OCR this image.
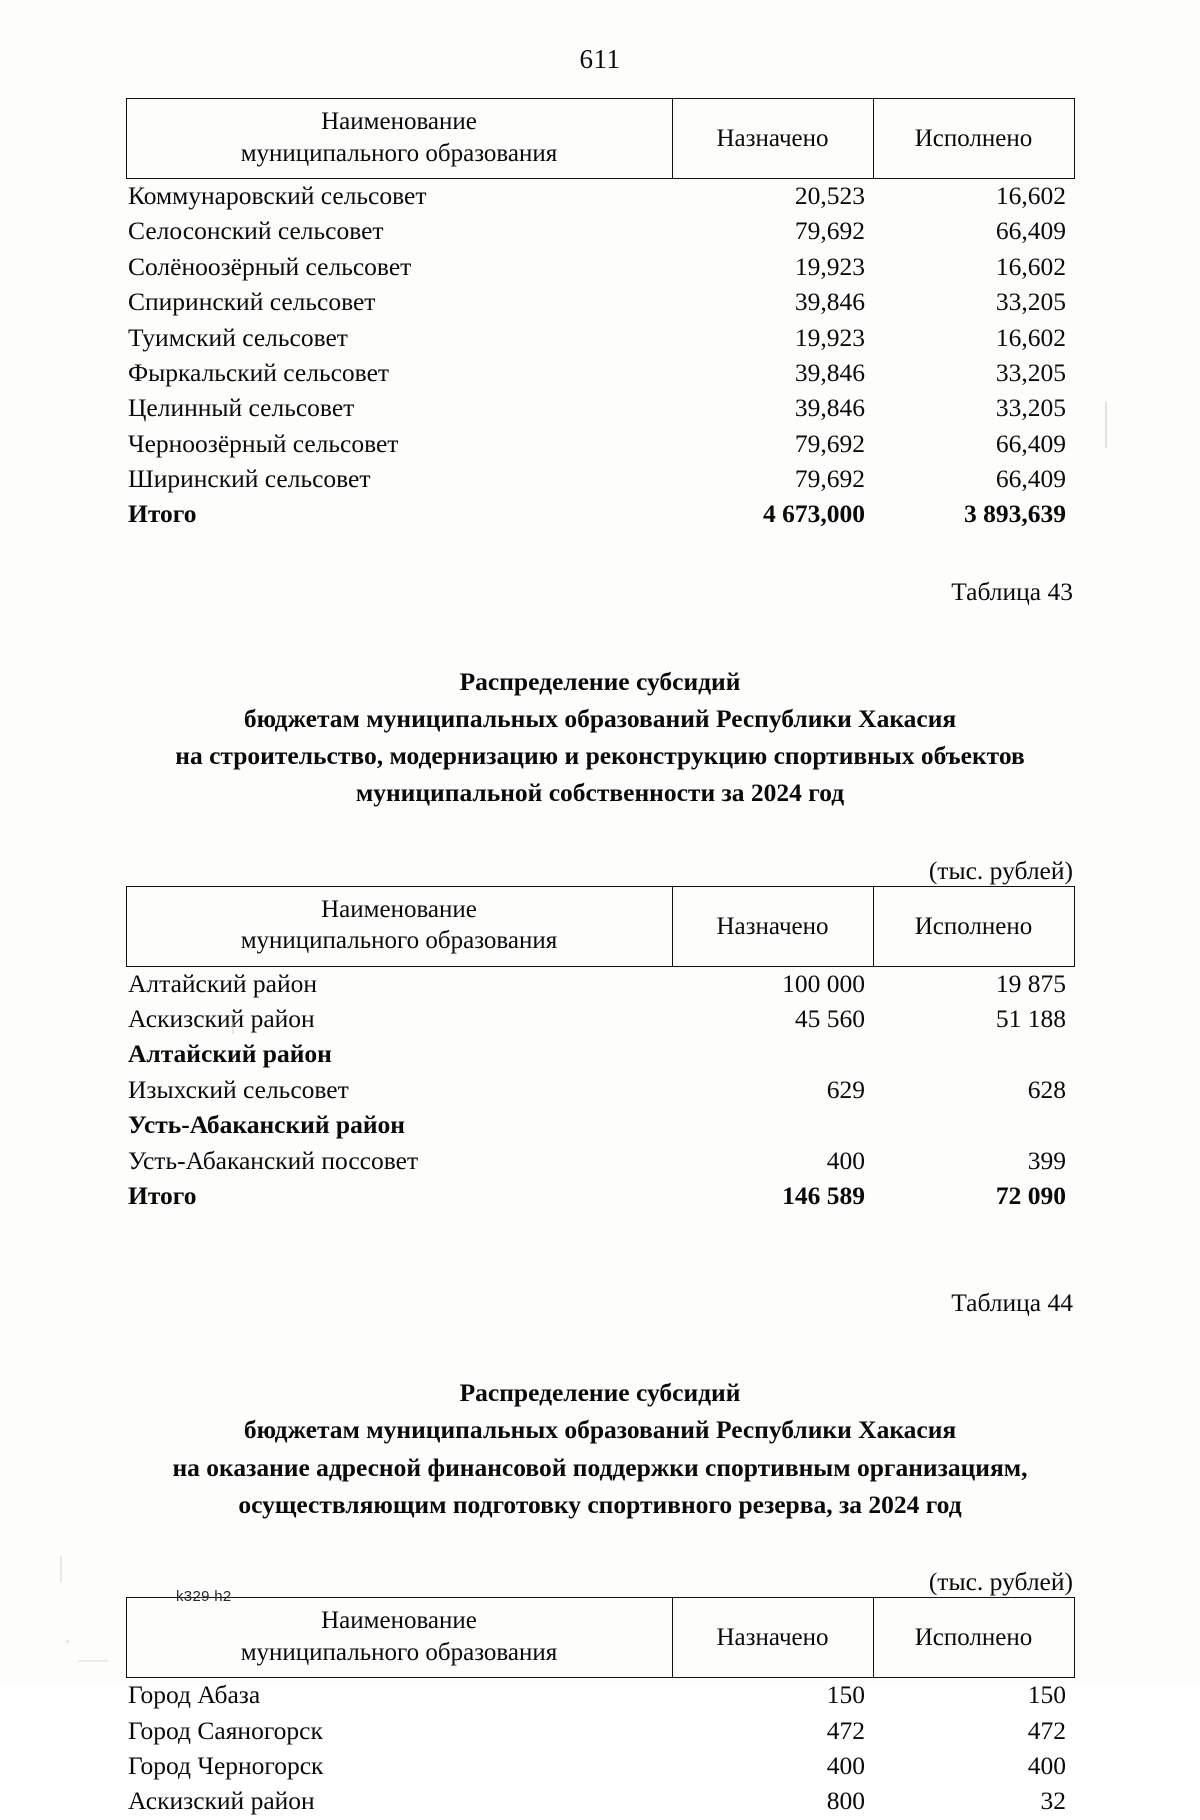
611
Наименование
муниципального образования	Назначено	Исполнено
Коммунаровский сельсовет	20,523	16,602
Селосонский сельсовет	79,692	66,409
Солёноозёрный сельсовет	19,923	16,602
Спиринский сельсовет	39,846	33,205
Туимский сельсовет	19,923	16,602
Фыркальский сельсовет	39,846	33,205
Целинный сельсовет	39,846	33,205
Черноозёрный сельсовет	79,692	66,409
Ширинский сельсовет	79,692	66,409
Итого	4 673,000	3 893,639
Таблица 43
Распределение субсидий
бюджетам муниципальных образований Республики Хакасия
на строительство, модернизацию и реконструкцию спортивных объектов
муниципальной собственности за 2024 год
(тыс. рублей)
Наименование
муниципального образования	Назначено	Исполнено
Алтайский район	100 000	19 875
Аскизский район	45 560	51 188
Алтайский район		
Изыхский сельсовет	629	628
Усть-Абаканский район		
Усть-Абаканский поссовет	400	399
Итого	146 589	72 090
Таблица 44
Распределение субсидий
бюджетам муниципальных образований Республики Хакасия
на оказание адресной финансовой поддержки спортивным организациям,
осуществляющим подготовку спортивного резерва, за 2024 год
(тыс. рублей)
Наименование
муниципального образования	Назначено	Исполнено
Город Абаза	150	150
Город Саяногорск	472	472
Город Черногорск	400	400
Аскизский район	800	32
k329 h2
